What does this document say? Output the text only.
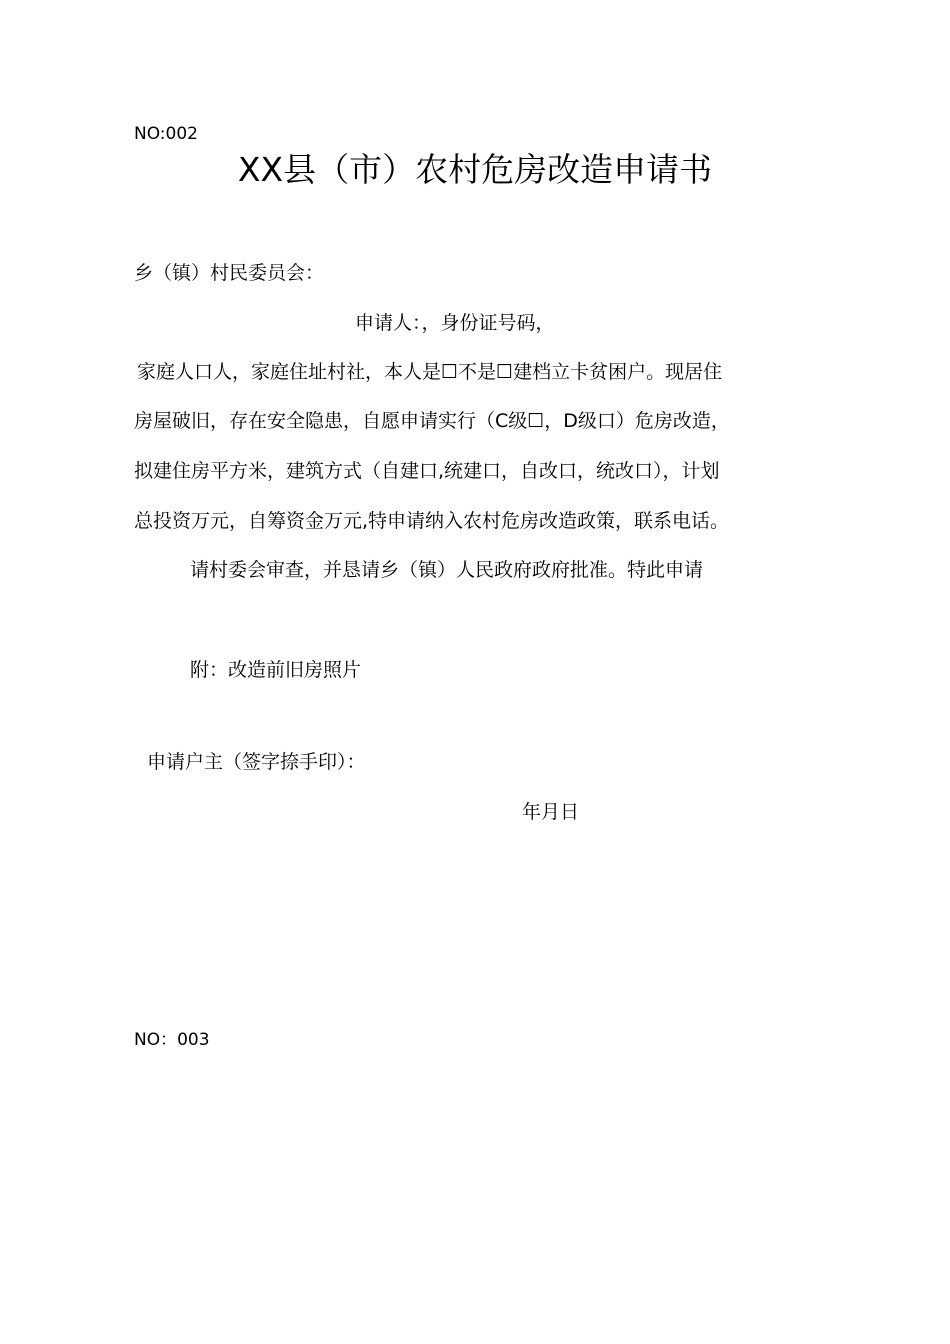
NO:002
XX县（市）农村危房改造申请书
乡（镇）村民委员会：
申请人：，身份证号码，
家庭人口人，家庭住址村社，本人是☐不是☐建档立卡贫困户。现居住
房屋破旧，存在安全隐患，自愿申请实行（C级☐，D级口）危房改造，
拟建住房平方米，建筑方式（自建口,统建口，自改口，统改口），计划
总投资万元，自筹资金万元,特申请纳入农村危房改造政策，联系电话。
请村委会审查，并恳请乡（镇）人民政府政府批准。特此申请
附：改造前旧房照片
申请户主（签字捺手印）：
年月日
NO：003
